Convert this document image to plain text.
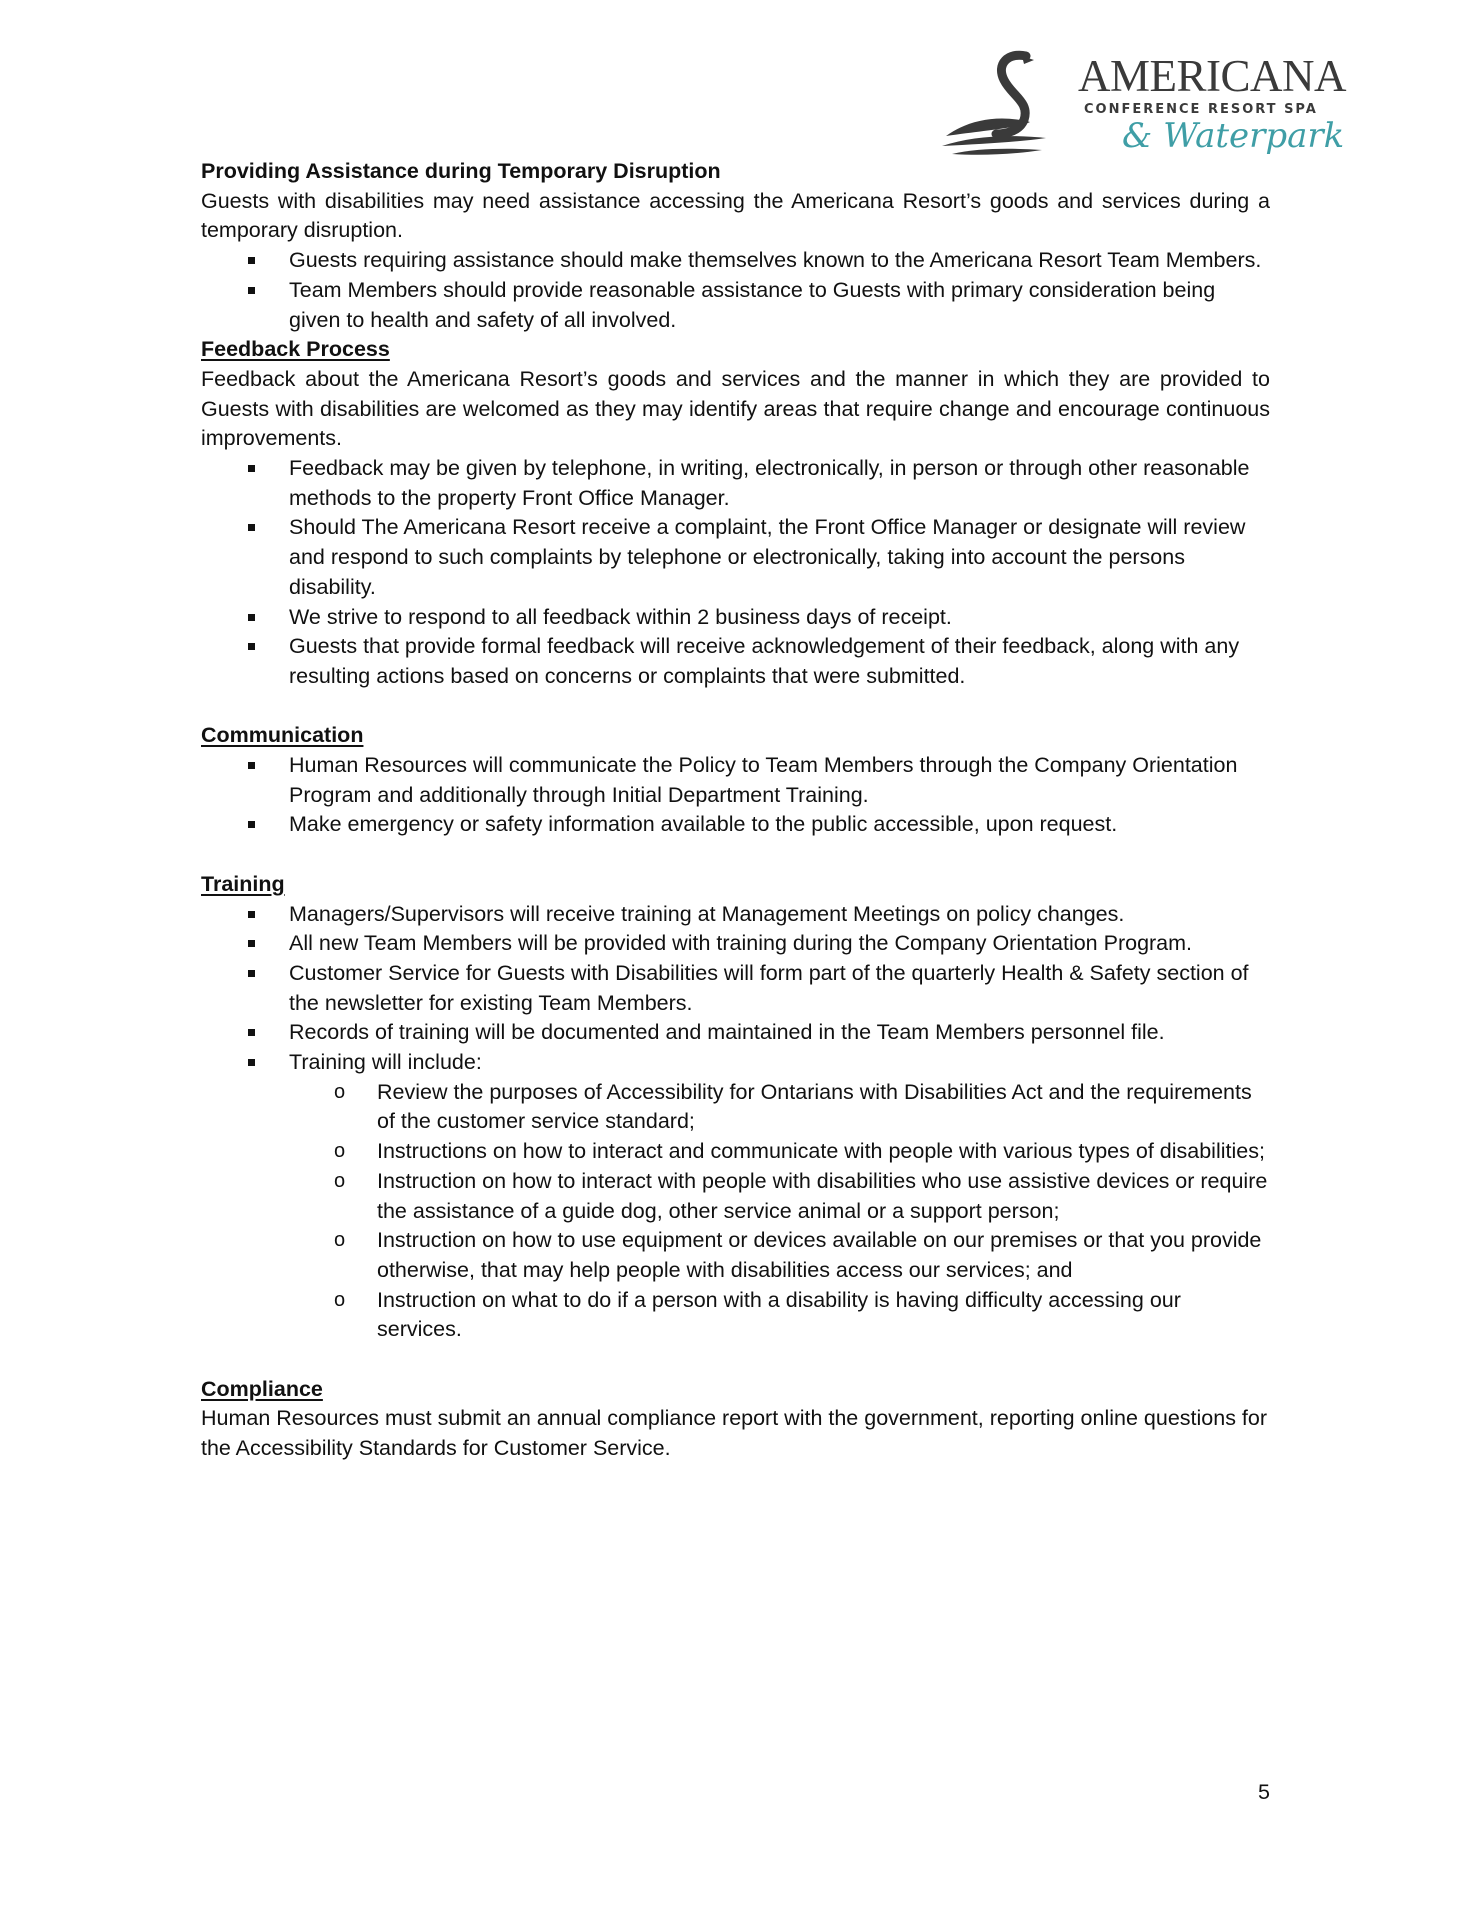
AMERICANA
CONFERENCE RESORT SPA
& Waterpark

Providing Assistance during Temporary Disruption

Guests with disabilities may need assistance accessing the Americana Resort’s goods and services during a temporary disruption.

Guests requiring assistance should make themselves known to the Americana Resort Team Members.
Team Members should provide reasonable assistance to Guests with primary consideration being given to health and safety of all involved.

Feedback Process

Feedback about the Americana Resort’s goods and services and the manner in which they are provided to Guests with disabilities are welcomed as they may identify areas that require change and encourage continuous improvements.

Feedback may be given by telephone, in writing, electronically, in person or through other reasonable methods to the property Front Office Manager.
Should The Americana Resort receive a complaint, the Front Office Manager or designate will review and respond to such complaints by telephone or electronically, taking into account the persons disability.
We strive to respond to all feedback within 2 business days of receipt.
Guests that provide formal feedback will receive acknowledgement of their feedback, along with any resulting actions based on concerns or complaints that were submitted.

Communication

Human Resources will communicate the Policy to Team Members through the Company Orientation Program and additionally through Initial Department Training.
Make emergency or safety information available to the public accessible, upon request.

Training

Managers/Supervisors will receive training at Management Meetings on policy changes.
All new Team Members will be provided with training during the Company Orientation Program.
Customer Service for Guests with Disabilities will form part of the quarterly Health & Safety section of the newsletter for existing Team Members.
Records of training will be documented and maintained in the Team Members personnel file.
Training will include:
o Review the purposes of Accessibility for Ontarians with Disabilities Act and the requirements of the customer service standard;
o Instructions on how to interact and communicate with people with various types of disabilities;
o Instruction on how to interact with people with disabilities who use assistive devices or require the assistance of a guide dog, other service animal or a support person;
o Instruction on how to use equipment or devices available on our premises or that you provide otherwise, that may help people with disabilities access our services; and
o Instruction on what to do if a person with a disability is having difficulty accessing our services.

Compliance

Human Resources must submit an annual compliance report with the government, reporting online questions for the Accessibility Standards for Customer Service.

5
